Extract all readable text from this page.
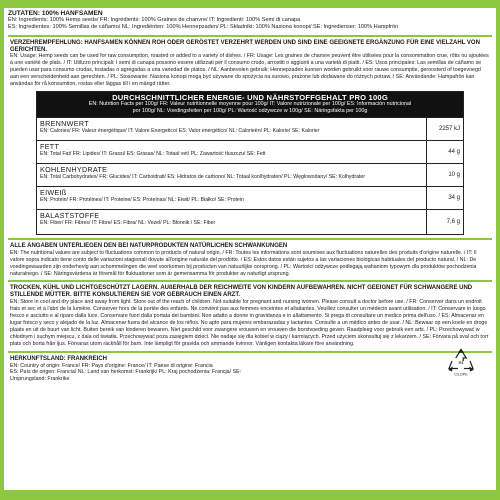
ZUTATEN: 100% HANFSAMEN
EN: Ingredients: 100% Hemp seeds/ FR: Ingrédients: 100% Graines de chanvre/ IT: Ingredienti: 100% Semi di canapa
ES: Ingredientes: 100% Semillas de cáñamo/ NL: Ingrediënten: 100% Hennepzaden/ PL: Składniki: 100% Nasiona konopi/ SE: Ingredienser: 100% Hampfrön
VERZEHREMPFEHLUNG: HANFSAMEN KÖNNEN ROH ODER GERÖSTET VERZEHRT WERDEN UND SIND EINE GEEIGNETE ERGÄNZUNG FÜR EINE VIELZAHL VON GERICHTEN.
EN: Usage: Hemp seeds can be used for raw consumption, roasted or added to a variety of dishes. / FR: Usage: Les graines de chanvre peuvent être utilisées pour la consommation crue, rôtis ou ajoutées à une variété de plats. / IT: Utilizzo principali: I semi di canapa possono essere utilizzati per il consumo crudo, arrostiti o aggiunti a una varietà di piatti. / ES: Usos principales: Las semillas de cáñamo se pueden usar para consumo crudas, tostadas o agregadas a una variedad de platos. / NL: Aanbevolen gebruik: Hennepzaden kunnen worden gebruikt voor rauwe consumptie, geroosterd of toegevoegd aan een verscheidenheid aan gerechten. / PL: Stosowanie: Nasiona konopi mogą być używane do spożycia na surowo, prażone lub dodawane do różnych potraw. / SE: Användande: Hampafrön kan användas för rå konsumtion, rostas eller läggas till i en mängd rätter.
DURCHSCHNITTLICHER ENERGIE- UND NÄHRSTOFFGEHALT PRO 100G
EN: Nutrition Facts per 100g/ FR: Valeur nutritionnelle moyenne pour 100g/ IT: Valore nutrizionale per 100g/ ES: Información nutricional
por 100g/ NL: Voedingsfeiten per 100g/ PL: Wartość odżywcze w 100g/ SE: Näringsfakta per 100g
BRENNWERT
EN: Calories/ FR: Valeur énergétique/ IT: Valore Energetico/ ES: Valor energético/ NL: Calorieën/ PL: Kalorie/ SE: Kalorier	2257 kJ
FETT
EN: Total Fat/ FR: Lipides/ IT: Grassi/ ES: Grasas/ NL: Totaal vet/ PL: Zawartość tłuszczu/ SE: Fett	44 g
KOHLENHYDRATE
EN: Total Carbohydrates/ FR: Glucides/ IT: Carboidrati/ ES: Hidratos de carbono/ NL: Totaal koolhydraten/ PL: Węglowodany/ SE: Kolhydrater	10 g
EIWEIß
EN: Protein/ FR: Protéines/ IT: Proteine/ ES: Proteínas/ NL: Eiwit/ PL: Białko/ SE: Protein	34 g
BALASTSTOFFE
EN: Fiber/ FR: Fibres/ IT: Fibre/ ES: Fibra/ NL: Vezel/ PL: Błonnik / SE: Fiber	7,6 g
ALLE ANGABEN UNTERLIEGEN DEN BEI NATURPRODUKTEN NATÜRLICHEN SCHWANKUNGEN
EN: The nutritional values are subject to fluctuations common to products of natural origin. / FR: Toutes les informations sont soumises aux fluctuations naturelles des produits d'origine naturelle. / IT: Il valore sopra indicato tiene conto delle variazioni stagionali dovute all'origine naturale del prodotto. / ES: Estos datos están sujetos a las variaciones biológicas habituales del producto natural. / NL: De voedingswaarden zijn onderhevig aan schommelingen die veel voorkomen bij producten van natuurlijke oorsprong. / PL: Wartości odżywcze podlegają wahaniom typowym dla produktów pochodzenia naturalnego. / SE: Näringsvärdena är föremål för fluktuationer som är gemensamma för produkter av naturligt ursprung.
TROCKEN, KÜHL UND LICHTGESCHÜTZT LAGERN. AUßERHALB DER REICHWEITE VON KINDERN AUFBEWAHREN. NICHT GEEIGNET FÜR SCHWANGERE UND STILLENDE MÜTTER. BITTE KONSULTIEREN SIE VOR GEBRAUCH EINEN ARZT.
EN: Store in cool and dry place and away from light. Store out of the reach of children. Not suitable for pregnant and nursing women. Please consult a doctor before use. / FR: Conserver dans un endroit frais et sec et à l'abri de la lumière. Conserver hors de la portée des enfants. Ne convient pas aux femmes enceintes et allaitantes. Veuillez consulter un médecin avant utilisation. / IT: Conservare in luogo fresco e asciutto e al riparo dalla luce. Conservare fuori dalla portata dei bambini. Non adatto a donne in gravidanza e in allattamento. Si prega di consultare un medico prima dell'uso. / ES: Almacenar en lugar fresco y seco y alejado de la luz. Almacenar fuera del alcance de los niños. No apto para mujeres embarazadas y lactantes. Consulte a un médico antes de usar. / NL: Bewaar op een koele en droge plaats en uit de buurt van licht. Buiten bereik van kinderen bewaren. Niet geschikt voor zwangere vrouwen en vrouwen die borstvoeding geven. Raadpleeg voor gebruik een arts. / PL: Przechowywać w chłodnym i suchym miejscu, z dala od światła. Przechowywać poza zasięgiem dzieci. Nie nadaje się dla kobiet w ciąży i karmiących. Przed użyciem skonsultuj się z lekarzem. / SE: Förvara på sval och torr plats och borta från ljus. Förvaras utom räckhåll för barn. Inte lämpligt för gravida och ammande kvinnor. Vänligen kontakta läkare före användning.
HERKUNFTSLAND: FRANKREICH
EN: Country of origin: France/ FR: Pays d'origine: France/ IT: Paese di origine: Francia
ES: País de origen: Francia/ NL: Land van herkomst: Frankrijk/ PL: Kraj pochodzenia: Francja/ SE:
Ursprungsland: Frankrike
84
C/LDPE
